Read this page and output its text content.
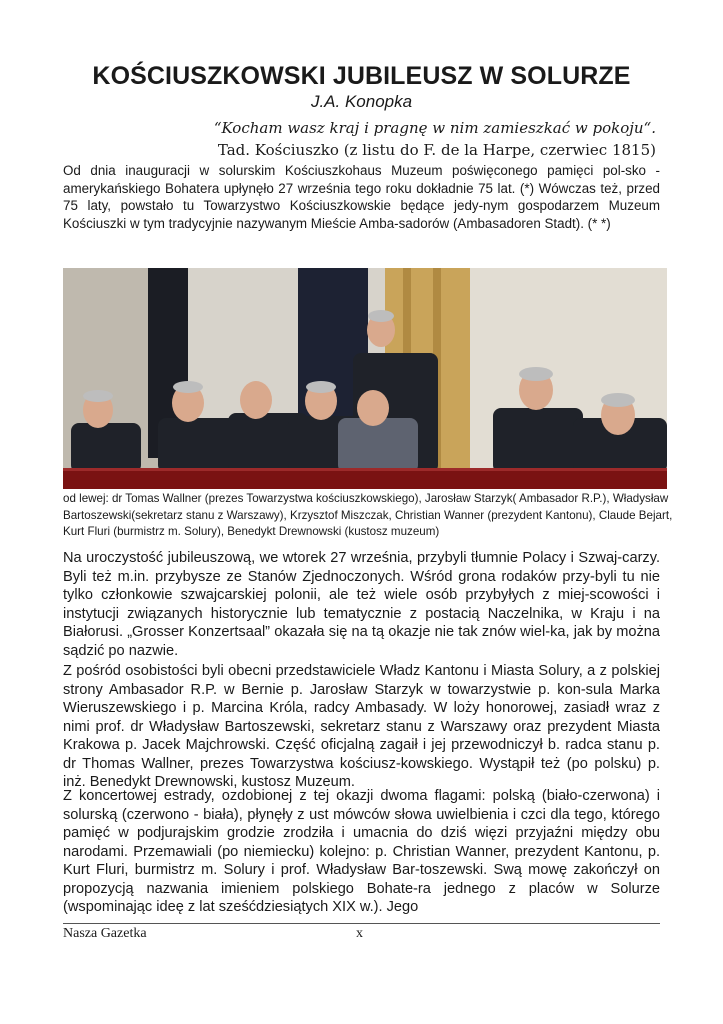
KOŚCIUSZKOWSKI JUBILEUSZ W SOLURZE
J.A. Konopka
“Kocham wasz kraj i pragnę w nim zamieszkać w pokoju“.
Tad. Kościuszko (z listu do F. de la Harpe, czerwiec 1815)

Od dnia inauguracji w solurskim Kościuszkohaus Muzeum poświęconego pamięci pol-sko - amerykańskiego Bohatera upłynęło 27 września tego roku dokładnie 75 lat. (*) Wówczas też, przed 75 laty, powstało tu Towarzystwo Kościuszkowskie będące jedy-nym gospodarzem Muzeum Kościuszki w tym tradycyjnie nazywanym Mieście Amba-sadorów (Ambasadoren Stadt). (* *)

od lewej: dr Tomas Wallner (prezes Towarzystwa kościuszkowskiego), Jarosław Starzyk( Ambasador R.P.), Władysław Bartoszewski(sekretarz stanu z Warszawy), Krzysztof Miszczak, Christian Wanner (prezydent Kantonu), Claude Bejart, Kurt Fluri (burmistrz m. Solury), Benedykt Drewnowski (kustosz muzeum)

Na uroczystość jubileuszową, we wtorek 27 września, przybyli tłumnie Polacy i Szwaj-carzy. Byli też m.in. przybysze ze Stanów Zjednoczonych. Wśród grona rodaków przy-byli tu nie tylko członkowie szwajcarskiej polonii, ale też wiele osób przybyłych z miej-scowości i instytucji związanych historycznie lub tematycznie z postacią Naczelnika, w Kraju i na Białorusi. „Grosser Konzertsaal” okazała się na tą okazje nie tak znów wiel-ka, jak by można sądzić po nazwie.

Z pośród osobistości byli obecni przedstawiciele Władz Kantonu i Miasta Solury, a z polskiej strony Ambasador R.P. w Bernie p. Jarosław Starzyk w towarzystwie p. kon-sula Marka Wieruszewskiego i p. Marcina Króla, radcy Ambasady. W loży honorowej, zasiadł wraz z nimi prof. dr Władysław Bartoszewski, sekretarz stanu z Warszawy oraz prezydent Miasta Krakowa p. Jacek Majchrowski. Część oficjalną zagaił i jej przewodniczył b. radca stanu p. dr Thomas Wallner, prezes Towarzystwa kościusz-kowskiego. Wystąpił też (po polsku) p. inż. Benedykt Drewnowski, kustosz Muzeum.

Z koncertowej estrady, ozdobionej z tej okazji dwoma flagami: polską (biało-czerwona) i solurską (czerwono - biała), płynęły z ust mówców słowa uwielbienia i czci dla tego, którego pamięć w podjurajskim grodzie zrodziła i umacnia do dziś więzi przyjaźni między obu narodami. Przemawiali (po niemiecku) kolejno: p. Christian Wanner, prezydent Kantonu, p. Kurt Fluri, burmistrz m. Solury i prof. Władysław Bar-toszewski. Swą mowę zakończył on propozycją nazwania imieniem polskiego Bohate-ra jednego z placów w Solurze (wspominając ideę z lat sześćdziesiątych XIX w.). Jego

Nasza Gazetka	x
